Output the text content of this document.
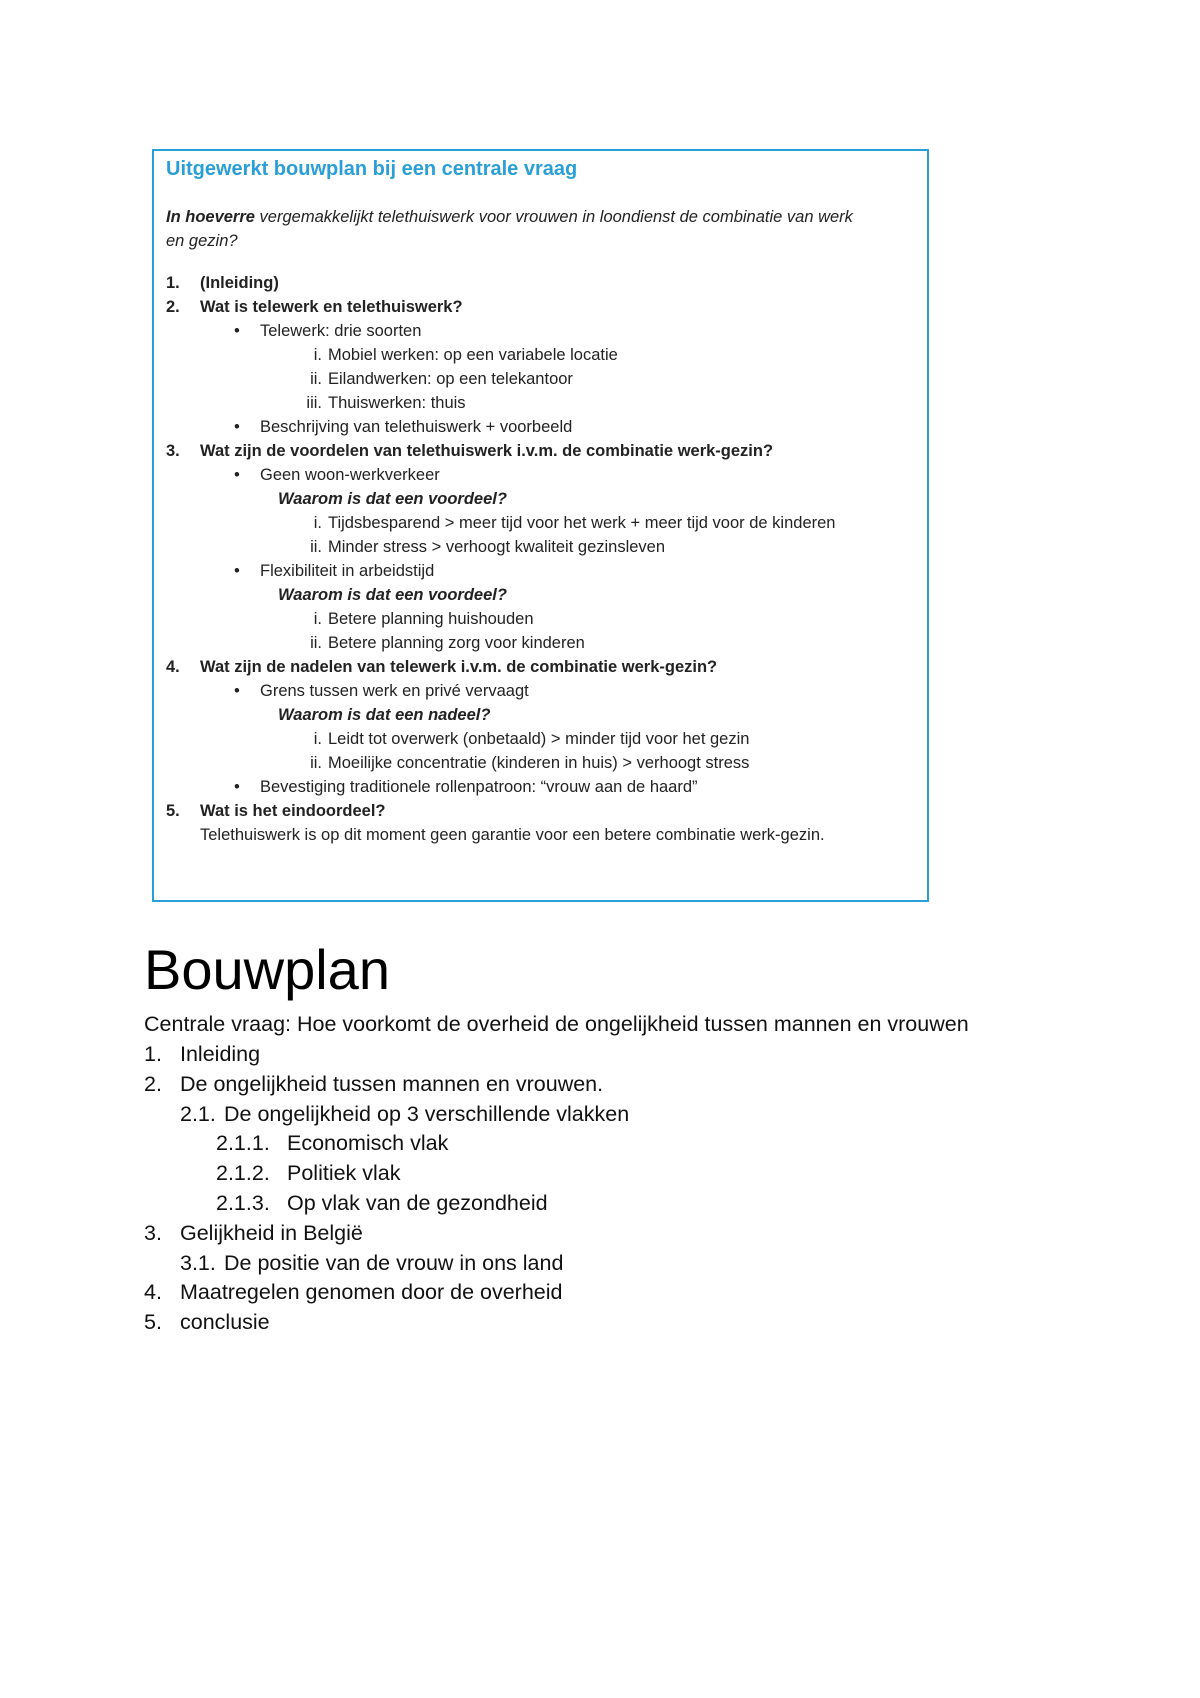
Uitgewerkt bouwplan bij een centrale vraag
In hoeverre vergemakkelijkt telethuiswerk voor vrouwen in loondienst de combinatie van werk
en gezin?
1. (Inleiding)
2. Wat is telewerk en telethuiswerk?
• Telewerk: drie soorten
i. Mobiel werken: op een variabele locatie
ii. Eilandwerken: op een telekantoor
iii. Thuiswerken: thuis
• Beschrijving van telethuiswerk + voorbeeld
3. Wat zijn de voordelen van telethuiswerk i.v.m. de combinatie werk-gezin?
• Geen woon-werkverkeer
Waarom is dat een voordeel?
i. Tijdsbesparend > meer tijd voor het werk + meer tijd voor de kinderen
ii. Minder stress > verhoogt kwaliteit gezinsleven
• Flexibiliteit in arbeidstijd
Waarom is dat een voordeel?
i. Betere planning huishouden
ii. Betere planning zorg voor kinderen
4. Wat zijn de nadelen van telewerk i.v.m. de combinatie werk-gezin?
• Grens tussen werk en privé vervaagt
Waarom is dat een nadeel?
i. Leidt tot overwerk (onbetaald) > minder tijd voor het gezin
ii. Moeilijke concentratie (kinderen in huis) > verhoogt stress
• Bevestiging traditionele rollenpatroon: “vrouw aan de haard”
5. Wat is het eindoordeel?
Telethuiswerk is op dit moment geen garantie voor een betere combinatie werk-gezin.
Bouwplan
Centrale vraag: Hoe voorkomt de overheid de ongelijkheid tussen mannen en vrouwen
1. Inleiding
2. De ongelijkheid tussen mannen en vrouwen.
2.1. De ongelijkheid op 3 verschillende vlakken
2.1.1. Economisch vlak
2.1.2. Politiek vlak
2.1.3. Op vlak van de gezondheid
3. Gelijkheid in België
3.1. De positie van de vrouw in ons land
4. Maatregelen genomen door de overheid
5. conclusie
